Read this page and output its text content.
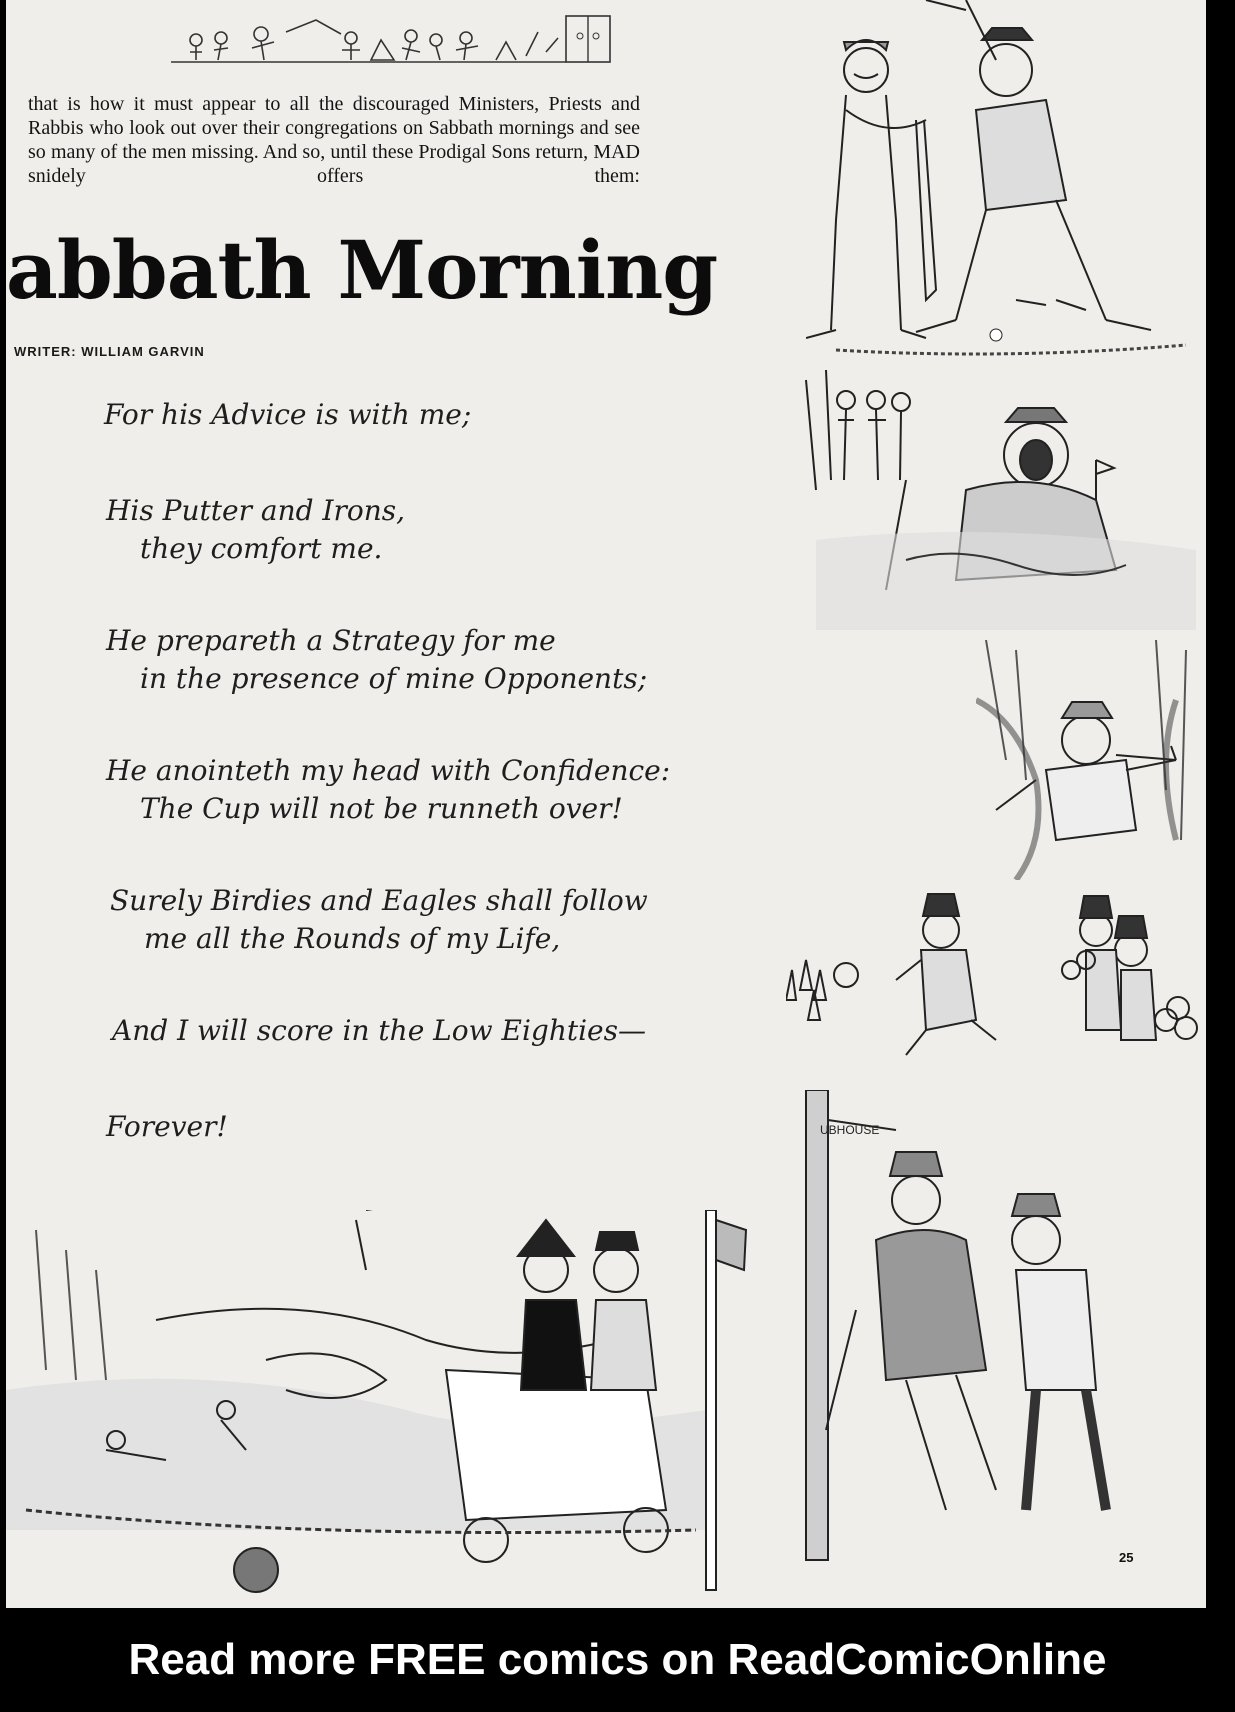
that is how it must appear to all the discouraged Ministers, Priests and Rabbis who look out over their congregations on Sabbath mornings and see so many of the men missing. And so, until these Prodigal Sons return, MAD snidely offers them:

abbath Morning

WRITER: WILLIAM GARVIN

For his Advice is with me;

His Putter and Irons,
they comfort me.

He prepareth a Strategy for me
in the presence of mine Opponents;

He anointeth my head with Confidence:
The Cup will not be runneth over!

Surely Birdies and Eagles shall follow
me all the Rounds of my Life,

And I will score in the Low Eighties—

Forever!	UBHOUSE
25
Read more FREE comics on ReadComicOnline
